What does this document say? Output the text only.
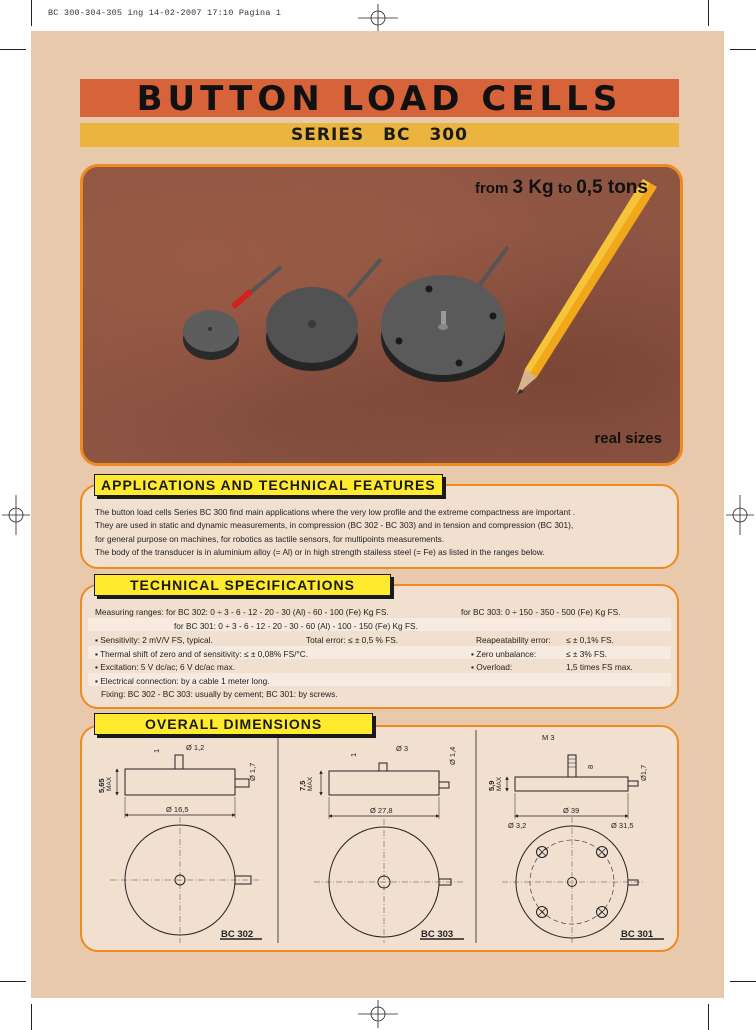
BC 300-304-305 ing 14-02-2007 17:10 Pagina 1
BUTTON LOAD CELLS
SERIES BC 300
from 3 Kg to 0,5 tons
real sizes
APPLICATIONS AND TECHNICAL FEATURES
The button load cells Series BC 300 find main applications where the very low profile and the extreme compactness are important .
They are used in static and dynamic measurements, in compression (BC 302 - BC 303) and in tension and compression (BC 301),
for general purpose on machines, for robotics as tactile sensors, for multipoints measurements.
The body of the transducer is in aluminium alloy (= Al) or in high strength stailess steel (= Fe) as listed in the ranges below.
TECHNICAL SPECIFICATIONS
Measuring ranges: for BC 302: 0 ÷ 3 - 6 - 12 - 20 - 30 (Al) - 60 - 100 (Fe) Kg FS.	for BC 303: 0 ÷ 150 - 350 - 500 (Fe) Kg FS.
for BC 301: 0 ÷ 3 - 6 - 12 - 20 - 30 - 60 (Al) - 100 - 150 (Fe) Kg FS.
▪ Sensitivity: 2 mV/V FS, typical.	Total error: ≤ ± 0,5 % FS.	Reapeatability error: ≤ ± 0,1% FS.
▪ Thermal shift of zero and of sensitivity: ≤ ± 0,08% FS/°C.	▪ Zero unbalance:	≤ ± 3% FS.
▪ Excitation: 5 V dc/ac; 6 V dc/ac max.	▪ Overload:	1,5 times FS max.
▪ Electrical connection: by a cable 1 meter long.
Fixing: BC 302 - BC 303: usually by cement; BC 301: by screws.
OVERALL DIMENSIONS
1	Ø 1,2
Ø 1,7
5,65 MAX
Ø 16,5
BC 302
1
Ø 3	Ø 1,4
7,5 MAX
Ø 27,8
BC 303
M 3
8	Ø1,7
5,9 MAX
Ø 39
Ø 3,2	Ø 31,5
BC 301
